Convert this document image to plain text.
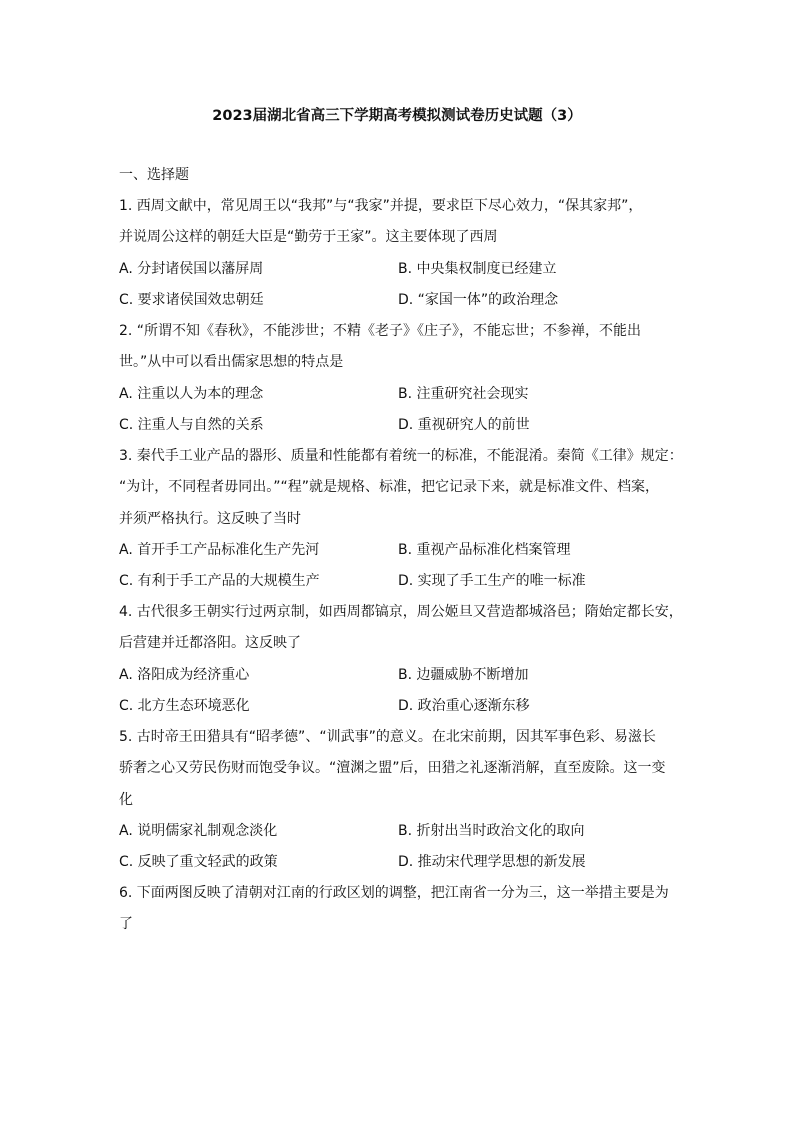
2023届湖北省高三下学期高考模拟测试卷历史试题（3）
一、选择题
1. 西周文献中，常见周王以“我邦”与“我家”并提，要求臣下尽心效力，“保其家邦”，
并说周公这样的朝廷大臣是“勤劳于王家”。这主要体现了西周
A. 分封诸侯国以藩屏周	B. 中央集权制度已经建立
C. 要求诸侯国效忠朝廷	D. “家国一体”的政治理念
2. “所谓不知《春秋》，不能涉世；不精《老子》《庄子》，不能忘世；不参禅，不能出
世。”从中可以看出儒家思想的特点是
A. 注重以人为本的理念	B. 注重研究社会现实
C. 注重人与自然的关系	D. 重视研究人的前世
3. 秦代手工业产品的器形、质量和性能都有着统一的标准，不能混淆。秦简《工律》规定：
“为计，不同程者毋同出。”“程”就是规格、标准，把它记录下来，就是标准文件、档案，
并须严格执行。这反映了当时
A. 首开手工产品标准化生产先河	B. 重视产品标准化档案管理
C. 有利于手工产品的大规模生产	D. 实现了手工生产的唯一标准
4. 古代很多王朝实行过两京制，如西周都镐京，周公姬旦又营造都城洛邑；隋始定都长安，
后营建并迁都洛阳。这反映了
A. 洛阳成为经济重心	B. 边疆威胁不断增加
C. 北方生态环境恶化	D. 政治重心逐渐东移
5. 古时帝王田猎具有“昭孝德”、“训武事”的意义。在北宋前期，因其军事色彩、易滋长
骄奢之心又劳民伤财而饱受争议。“澶渊之盟”后，田猎之礼逐渐消解，直至废除。这一变
化
A. 说明儒家礼制观念淡化	B. 折射出当时政治文化的取向
C. 反映了重文轻武的政策	D. 推动宋代理学思想的新发展
6. 下面两图反映了清朝对江南的行政区划的调整，把江南省一分为三，这一举措主要是为
了
